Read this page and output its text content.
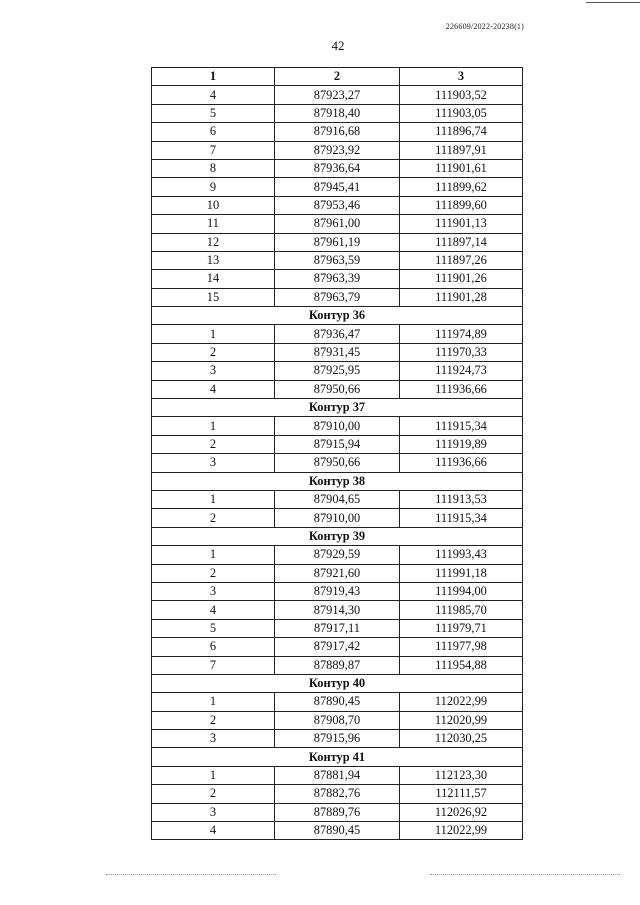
226609/2022-20238(1)
42
1	2	3
4	87923,27	111903,52
5	87918,40	111903,05
6	87916,68	111896,74
7	87923,92	111897,91
8	87936,64	111901,61
9	87945,41	111899,62
10	87953,46	111899,60
11	87961,00	111901,13
12	87961,19	111897,14
13	87963,59	111897,26
14	87963,39	111901,26
15	87963,79	111901,28
Контур 36		
1	87936,47	111974,89
2	87931,45	111970,33
3	87925,95	111924,73
4	87950,66	111936,66
Контур 37		
1	87910,00	111915,34
2	87915,94	111919,89
3	87950,66	111936,66
Контур 38		
1	87904,65	111913,53
2	87910,00	111915,34
Контур 39		
1	87929,59	111993,43
2	87921,60	111991,18
3	87919,43	111994,00
4	87914,30	111985,70
5	87917,11	111979,71
6	87917,42	111977,98
7	87889,87	111954,88
Контур 40		
1	87890,45	112022,99
2	87908,70	112020,99
3	87915,96	112030,25
Контур 41		
1	87881,94	112123,30
2	87882,76	112111,57
3	87889,76	112026,92
4	87890,45	112022,99
